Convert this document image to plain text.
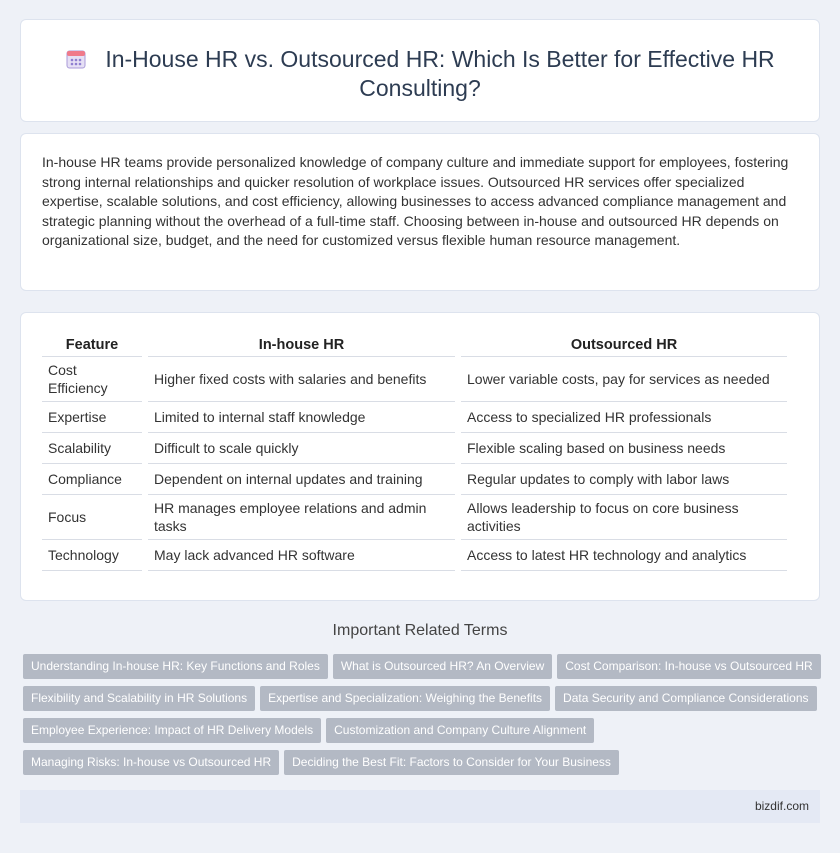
In-House HR vs. Outsourced HR: Which Is Better for Effective HR Consulting?

In-house HR teams provide personalized knowledge of company culture and immediate support for employees, fostering strong internal relationships and quicker resolution of workplace issues. Outsourced HR services offer specialized expertise, scalable solutions, and cost efficiency, allowing businesses to access advanced compliance management and strategic planning without the overhead of a full-time staff. Choosing between in-house and outsourced HR depends on organizational size, budget, and the need for customized versus flexible human resource management.

Feature	In-house HR	Outsourced HR
Cost Efficiency	Higher fixed costs with salaries and benefits	Lower variable costs, pay for services as needed
Expertise	Limited to internal staff knowledge	Access to specialized HR professionals
Scalability	Difficult to scale quickly	Flexible scaling based on business needs
Compliance	Dependent on internal updates and training	Regular updates to comply with labor laws
Focus	HR manages employee relations and admin tasks	Allows leadership to focus on core business activities
Technology	May lack advanced HR software	Access to latest HR technology and analytics
Important Related Terms
Understanding In-house HR: Key Functions and Roles What is Outsourced HR? An Overview Cost Comparison: In-house vs Outsourced HR
Flexibility and Scalability in HR Solutions Expertise and Specialization: Weighing the Benefits Data Security and Compliance Considerations
Employee Experience: Impact of HR Delivery Models Customization and Company Culture Alignment
Managing Risks: In-house vs Outsourced HR Deciding the Best Fit: Factors to Consider for Your Business
bizdif.com
